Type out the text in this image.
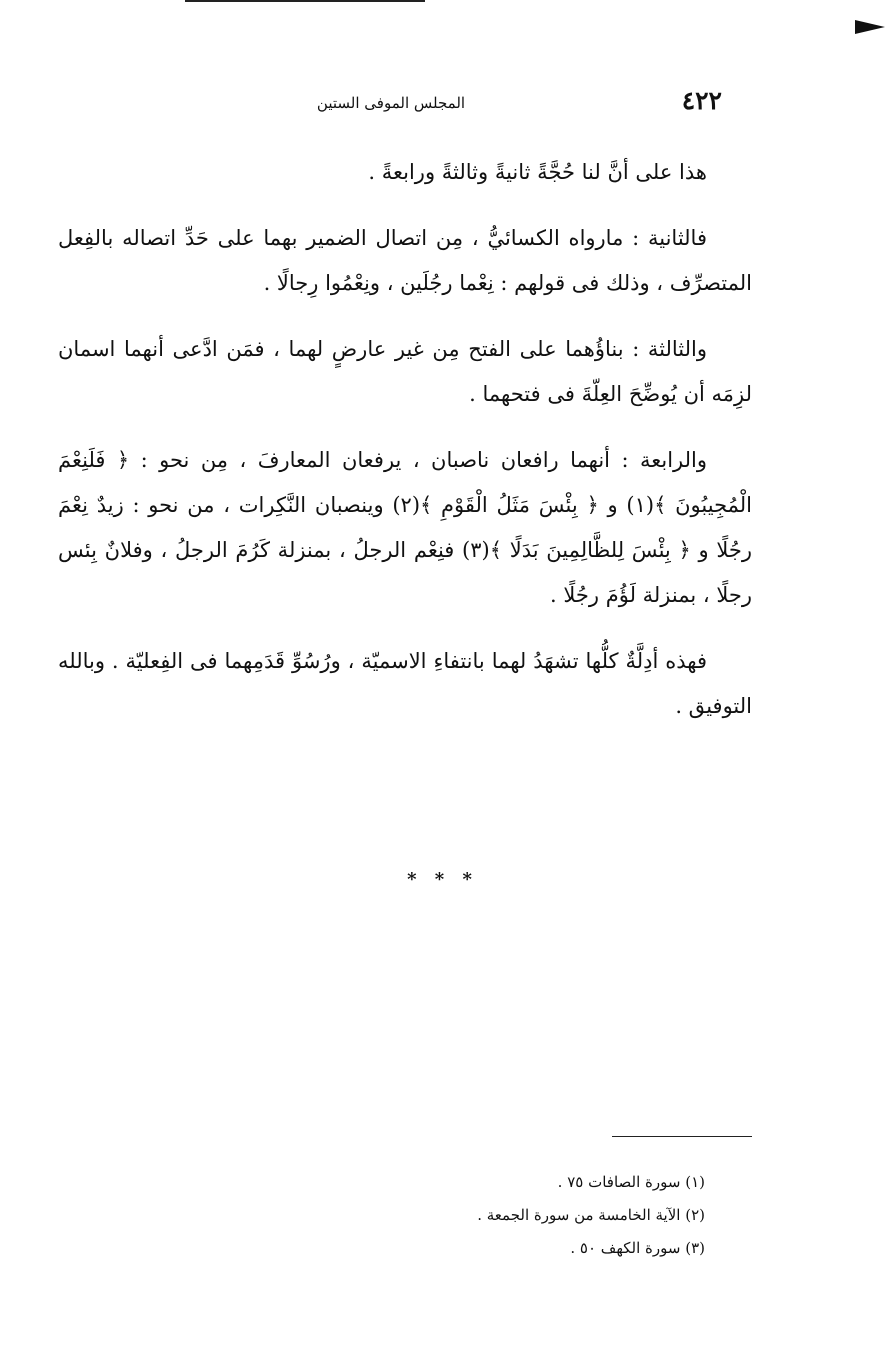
٤٢٢
المجلس الموفى الستين

هذا على أنَّ لنا حُجَّةً ثانيةً وثالثةً ورابعةً .

فالثانية : مارواه الكسائيُّ ، مِن اتصال الضمير بهما على حَدِّ اتصاله بالفِعل المتصرِّف ، وذلك فى قولهم : نِعْما رجُلَين ، ونِعْمُوا رِجالًا .

والثالثة : بناؤُهما على الفتح مِن غير عارضٍ لهما ، فمَن ادَّعى أنهما اسمان لزِمَه أن يُوضِّحَ العِلّةَ فى فتحهما .

والرابعة : أنهما رافعان ناصبان ، يرفعان المعارفَ ، مِن نحو : ﴿ فَلَنِعْمَ الْمُجِيبُونَ ﴾(١) و ﴿ بِئْسَ مَثَلُ الْقَوْمِ ﴾(٢) وينصبان النَّكِرات ، من نحو : زيدٌ نِعْمَ رجُلًا و ﴿ بِئْسَ لِلظَّالِمِينَ بَدَلًا ﴾(٣) فنِعْم الرجلُ ، بمنزلة كَرُمَ الرجلُ ، وفلانٌ بِئس رجلًا ، بمنزلة لَؤُمَ رجُلًا .

فهذه أدِلَّةٌ كلُّها تشهَدُ لهما بانتفاءِ الاسميّة ، ورُسُوِّ قَدَمِهما فى الفِعليّة . وبالله التوفيق .

* * *

(١) سورة الصافات ٧٥ .

(٢) الآية الخامسة من سورة الجمعة .

(٣) سورة الكهف ٥٠ .
